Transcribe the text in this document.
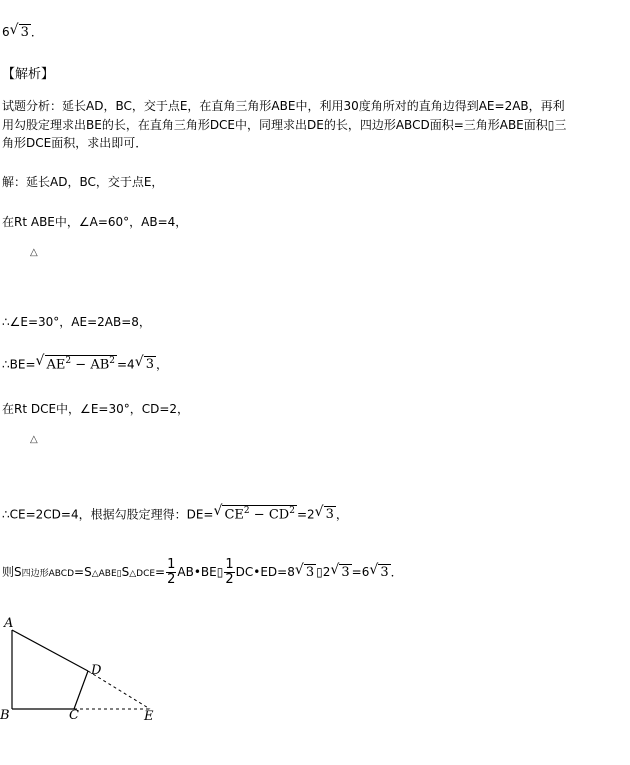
6√ 3 ．
【解析】
试题分析：延长AD，BC，交于点E，在直角三角形ABE中，利用30度角所对的直角边得到AE=2AB，再利
用勾股定理求出BE的长，在直角三角形DCE中，同理求出DE的长，四边形ABCD面积=三角形ABE面积▯三
角形DCE面积，求出即可．
解：延长AD，BC，交于点E，
在Rt ABE中，∠A=60°，AB=4，
△
∴∠E=30°，AE=2AB=8，
∴BE=√ $AE^2 - AB^2 =4√$ 3 ，
在Rt DCE中，∠E=30°，CD=2，
△
∴CE=2CD=4，根据勾股定理得：DE=√ $CE^2 - CD^2 =2√$ 3 ，
则S四边形ABCD=S△ABE▯S△DCE= $\frac{1}{2}$ AB•BE▯ $\frac{1}{2}$ DC•ED=8√ 3 ▯2√ 3 =6√ 3 ．
A
B	C
D
E
